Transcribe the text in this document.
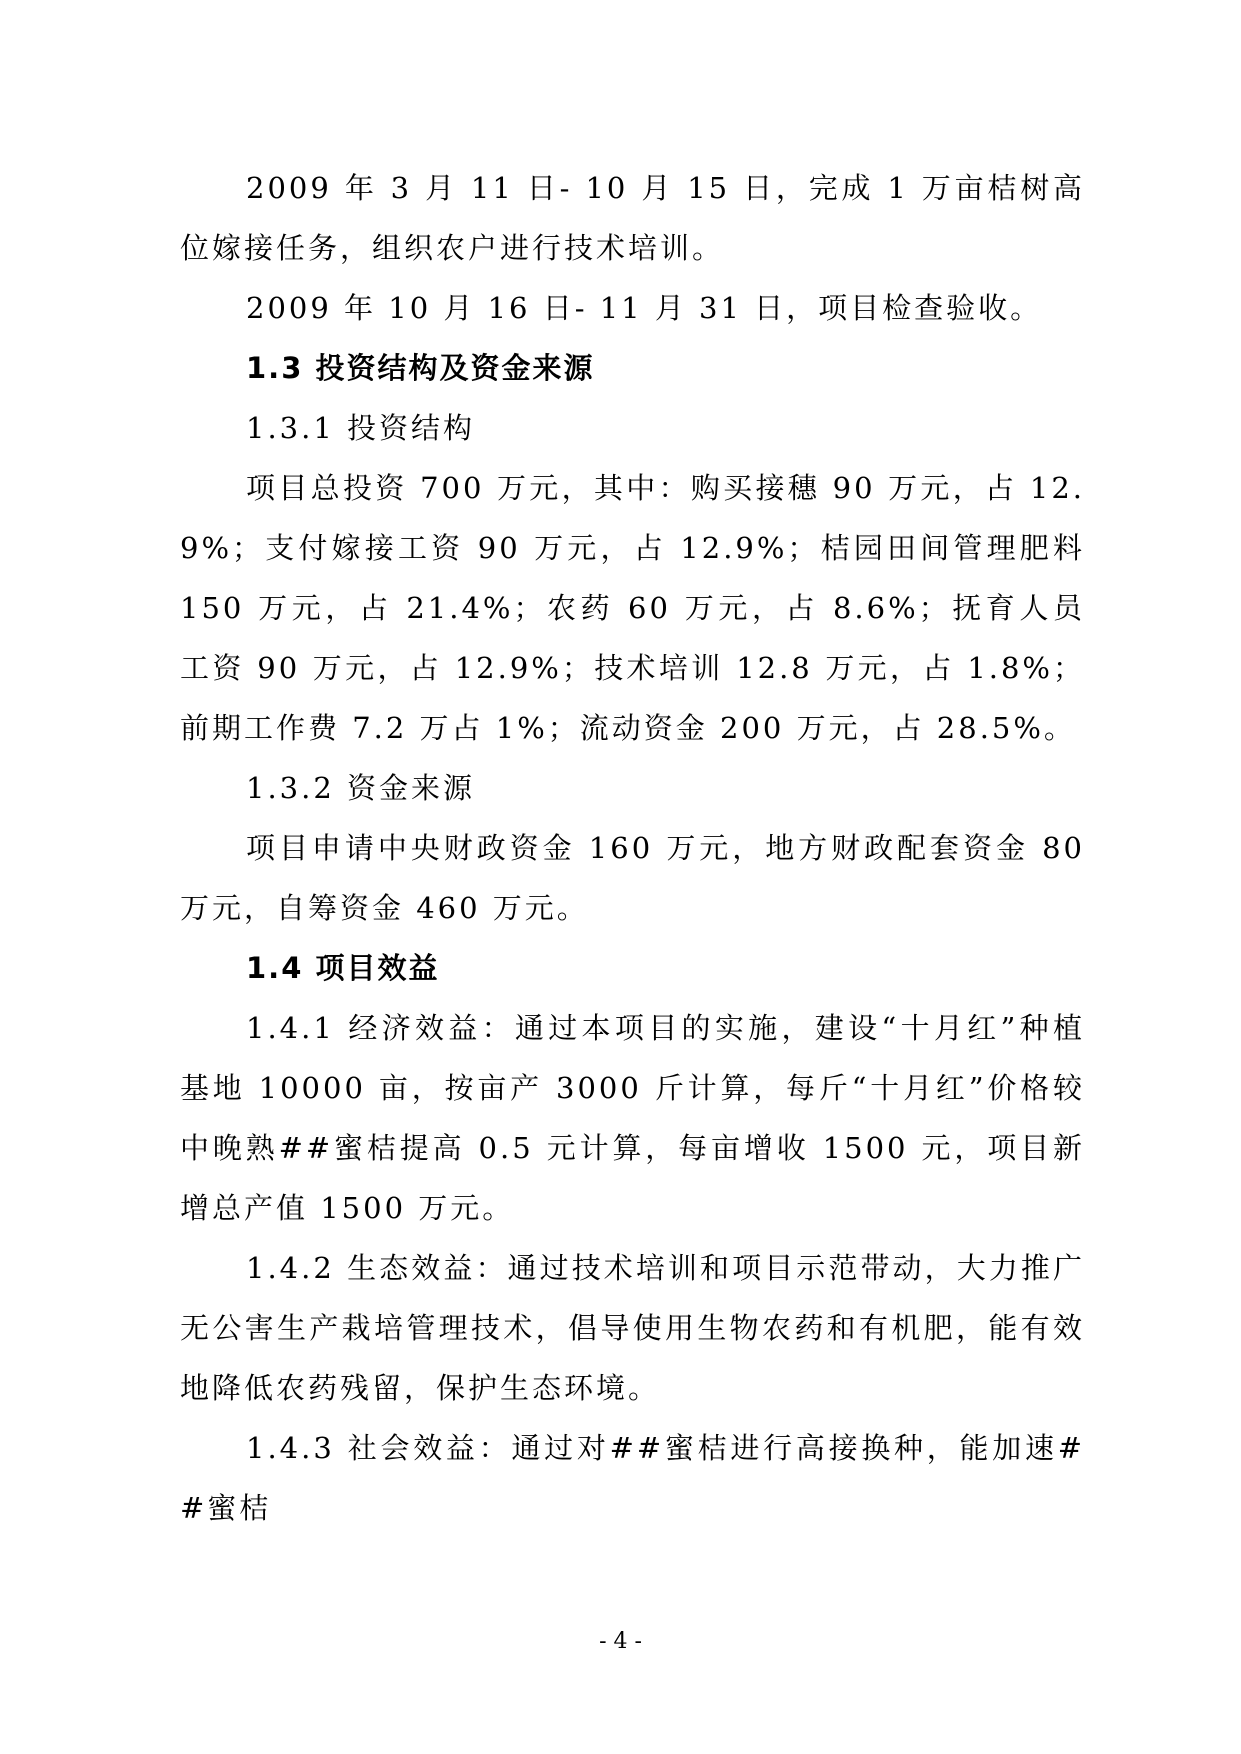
2009 年 3 月 11 日- 10 月 15 日，完成 1 万亩桔树高位嫁接任务，组织农户进行技术培训。

2009 年 10 月 16 日- 11 月 31 日，项目检查验收。

1.3 投资结构及资金来源

1.3.1 投资结构

项目总投资 700 万元，其中：购买接穗 90 万元，占 12.9%；支付嫁接工资 90 万元，占 12.9%；桔园田间管理肥料 150 万元，占 21.4%；农药 60 万元，占 8.6%；抚育人员工资 90 万元，占 12.9%；技术培训 12.8 万元，占 1.8%；前期工作费 7.2 万占 1%；流动资金 200 万元，占 28.5%。

1.3.2 资金来源

项目申请中央财政资金 160 万元，地方财政配套资金 80 万元，自筹资金 460 万元。

1.4 项目效益

1.4.1 经济效益：通过本项目的实施，建设“十月红”种植基地 10000 亩，按亩产 3000 斤计算，每斤“十月红”价格较中晚熟##蜜桔提高 0.5 元计算，每亩增收 1500 元，项目新增总产值 1500 万元。

1.4.2 生态效益：通过技术培训和项目示范带动，大力推广无公害生产栽培管理技术，倡导使用生物农药和有机肥，能有效地降低农药残留，保护生态环境。

1.4.3 社会效益：通过对##蜜桔进行高接换种，能加速##蜜桔

- 4 -
